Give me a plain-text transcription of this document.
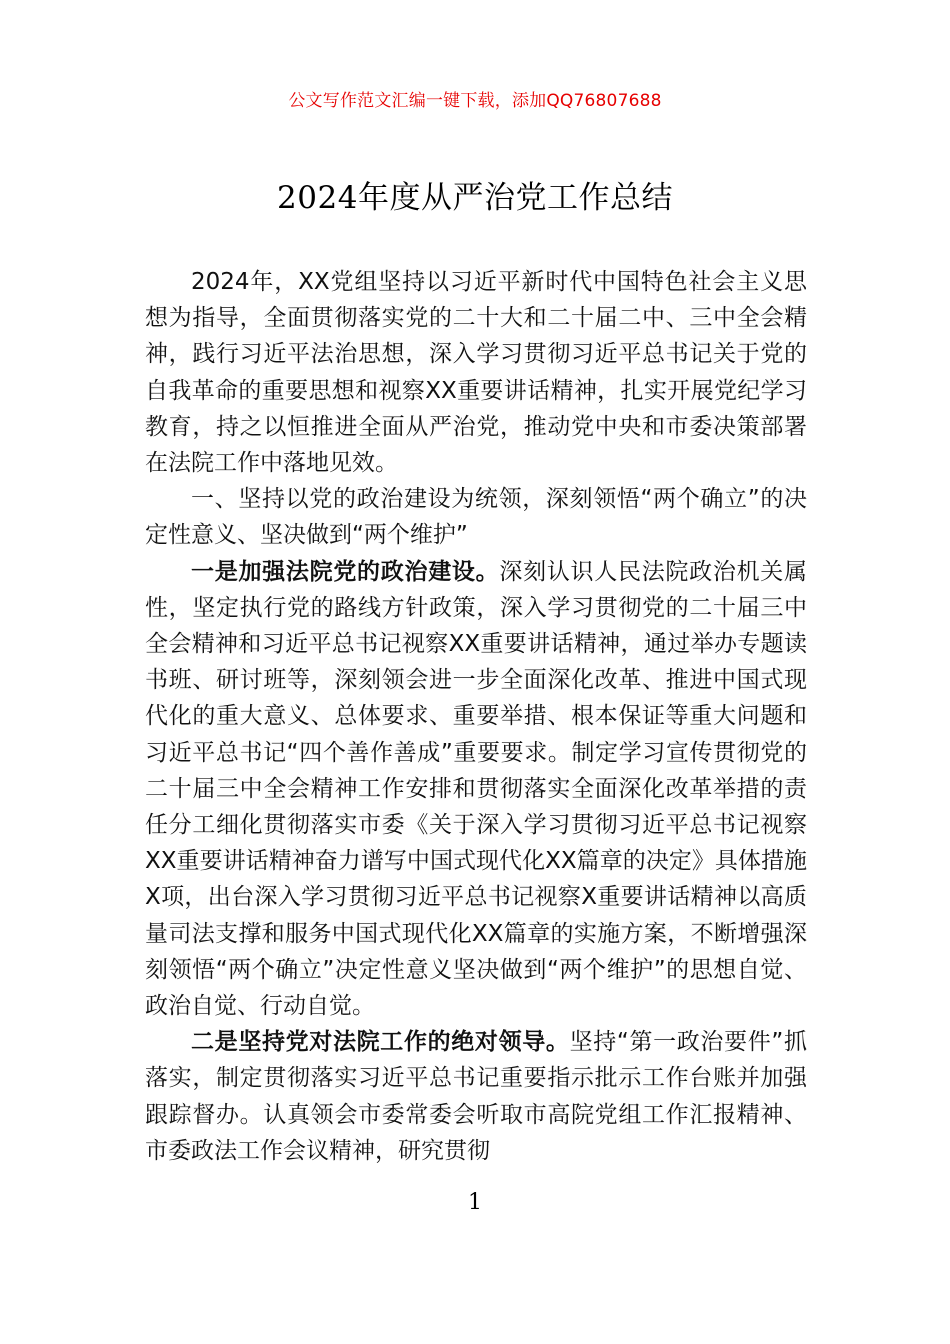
公文写作范文汇编一键下载，添加QQ76807688
2024年度从严治党工作总结

2024年，XX党组坚持以习近平新时代中国特色社会主义思想为指导，全面贯彻落实党的二十大和二十届二中、三中全会精神，践行习近平法治思想，深入学习贯彻习近平总书记关于党的自我革命的重要思想和视察XX重要讲话精神，扎实开展党纪学习教育，持之以恒推进全面从严治党，推动党中央和市委决策部署在法院工作中落地见效。

一、坚持以党的政治建设为统领，深刻领悟“两个确立”的决定性意义、坚决做到“两个维护”

一是加强法院党的政治建设。深刻认识人民法院政治机关属性，坚定执行党的路线方针政策，深入学习贯彻党的二十届三中全会精神和习近平总书记视察XX重要讲话精神，通过举办专题读书班、研讨班等，深刻领会进一步全面深化改革、推进中国式现代化的重大意义、总体要求、重要举措、根本保证等重大问题和习近平总书记“四个善作善成”重要要求。制定学习宣传贯彻党的二十届三中全会精神工作安排和贯彻落实全面深化改革举措的责任分工细化贯彻落实市委《关于深入学习贯彻习近平总书记视察XX重要讲话精神奋力谱写中国式现代化XX篇章的决定》具体措施X项，出台深入学习贯彻习近平总书记视察X重要讲话精神以高质量司法支撑和服务中国式现代化XX篇章的实施方案，不断增强深刻领悟“两个确立”决定性意义坚决做到“两个维护”的思想自觉、政治自觉、行动自觉。

二是坚持党对法院工作的绝对领导。坚持“第一政治要件”抓落实，制定贯彻落实习近平总书记重要指示批示工作台账并加强跟踪督办。认真领会市委常委会听取市高院党组工作汇报精神、市委政法工作会议精神，研究贯彻

1
